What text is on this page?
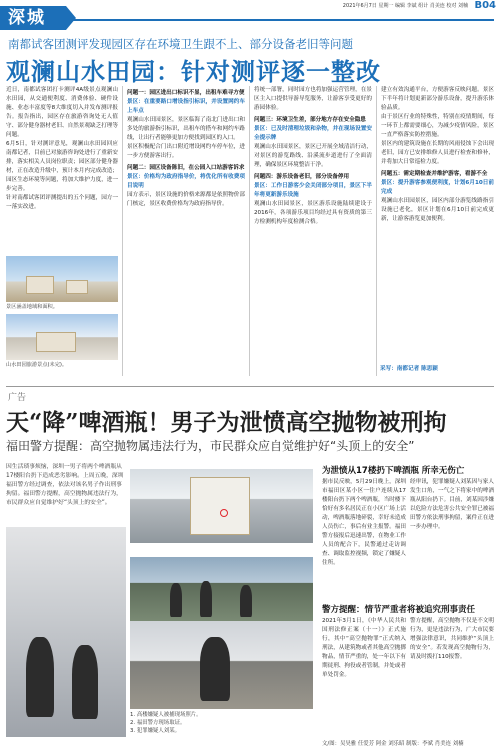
深城
2021年6月7日 星期一 编辑 李斌 组计 肖美连 校对 刘楠 B04
南都试客团测评发现园区存在环境卫生跟不上、部分设备老旧等问题
观澜山水田园：针对测评逐一整改

近日，南都试客团打卡测评4A级景点观澜山水田园，从交通便利度、消费体验、硬件设施、业态丰富度等8大维度切入并发布测评报告。报告指出，园区存在旅游咨询处无人值守、部分健身器材老旧、自然景观缺乏打理等问题。

6月5日，针对测评意见，观澜山水田园回应南都记者，目前已对旅游咨询处进行了重新安排，落实相关人员岗位职责；园区部分健身器材，正在改造升级中，预计本月内完成改造；园区生态环境等问题，将加大维护力度，进一步完善。

针对南都试客团评测提出的五个问题，园方一一落实改进。

景区涵盖地域和面积。
山水田园旅游景点(未完)。

问题一：园区进出口标识不显，出租车难寻方便

景区：在重要路口增设指引标识，并设置网约车上车点

观澜山水田园景区，景区临海了南北门进出口和多处的旅游指引标识，出租车的搭车和网约车路线，让出行者能够更加方便找到园区的入口。

景区积极配合门出口附近增设网约车停车位，进一步方便游客出行。

问题二：园区设备陈旧，在公园入口站游客诉求

景区：价格均为政府指导价，将优化所有收费项目说明

园方表示，景区设施的价格来源都是依照物价部门核定，景区收费价格均为政府指导价。

将统一部署，同时园方也将加强运营管理，在景区主入口提供导游导览服务，让游客享受更好的游园体验。

问题三：环境卫生差，部分地方存在安全隐患

景区：已及时清理垃圾和杂物，并在现场设置安全提示牌

观澜山水田园景区，景区已开展全域清洁行动，对景区的游览路线、沿溪流步道进行了全面清理，确保景区环境整洁干净。

问题四：游乐设备老旧，部分设备停用

景区：工作日游客少会关闭部分项目，景区下半年将更新游乐设施

观澜山水田园景区，景区游乐设施陆续建设于2016年，各项游乐项目均经过具有资质的第三方检测机构年度检测合格。

建立有效沟通平台，方便游客反映问题。景区下半年将计划更新部分游乐设备，提升游乐体验品质。

由于景区行业的特殊性，特别在疫情期间，每一环节上都需要细心，为减少疫情风险，景区一直严格落实防控措施。

景区内的建筑设施在长期的风雨侵蚀下会出现老旧，园方已安排维修人员进行检查和修补，并将加大日常巡检力度。

问题五：需定期检查并维护游客，看游不全

景区：提升游客参观便利度，计划6月10日前完成

观澜山水田园景区，园区内部分游览线路指引设施已老化，景区计划在6月10日前完成更新，让游客游览更加便利。

采写：南都记者 陈思颖
广告
天“降”啤酒瓶！男子为泄愤高空抛物被刑拘
福田警方提醒：高空抛物属违法行为，市民群众应自觉维护好“头顶上的安全”
因生活琐事烦恼，深圳一男子将两个啤酒瓶从17楼阳台扔下造成恶劣影响。上周五晚，深圳福田警方经过调查，依法对该名男子作出刑事拘留。福田警方提醒，高空抛物属违法行为，市民群众应自觉维护好“头顶上的安全”。
1. 高楼嫌疑人被捕现场照片。
2. 福田警方现场取证。
3. 犯罪嫌疑人刘某。
为泄愤从17楼扔下啤酒瓶 所幸无伤亡
据市民反映，5月29日晚上，深圳市福田区某小区一住户连续从17楼阳台扔下两个啤酒瓶，当时楼下恰好有多名居民正在小区广场上活动，啤酒瓶落地碎裂，幸好未造成人员伤亡，事后有业主报警。福田警方接报后迅速出警，在物业工作人员的配合下，民警通过走访调查、调取监控视频，锁定了嫌疑人住所。
经审讯，犯罪嫌疑人刘某因与家人发生口角，一气之下将家中的啤酒瓶从阳台扔下。目前，刘某因涉嫌以危险方法危害公共安全罪已被福田警方依法刑事拘留，案件正在进一步办理中。
警方提醒：情节严重者将被追究刑事责任
2021年3月1日，《中华人民共和国刑法修正案（十一）》正式施行，其中“高空抛物罪”正式纳入刑法，从建筑物或者其他高空抛掷物品，情节严重的，处一年以下有期徒刑、拘役或者管制，并处或者单处罚金。
警方提醒，高空抛物不仅是不文明行为，更是违法行为，广大市民要增强法律意识，共同维护“头顶上的安全”。若发现高空抛物行为，请及时拨打110报警。
文/图：吴昊雅 任爱芳 阿金 刘乐昭 制版：李斌 肖美连 刘楠
